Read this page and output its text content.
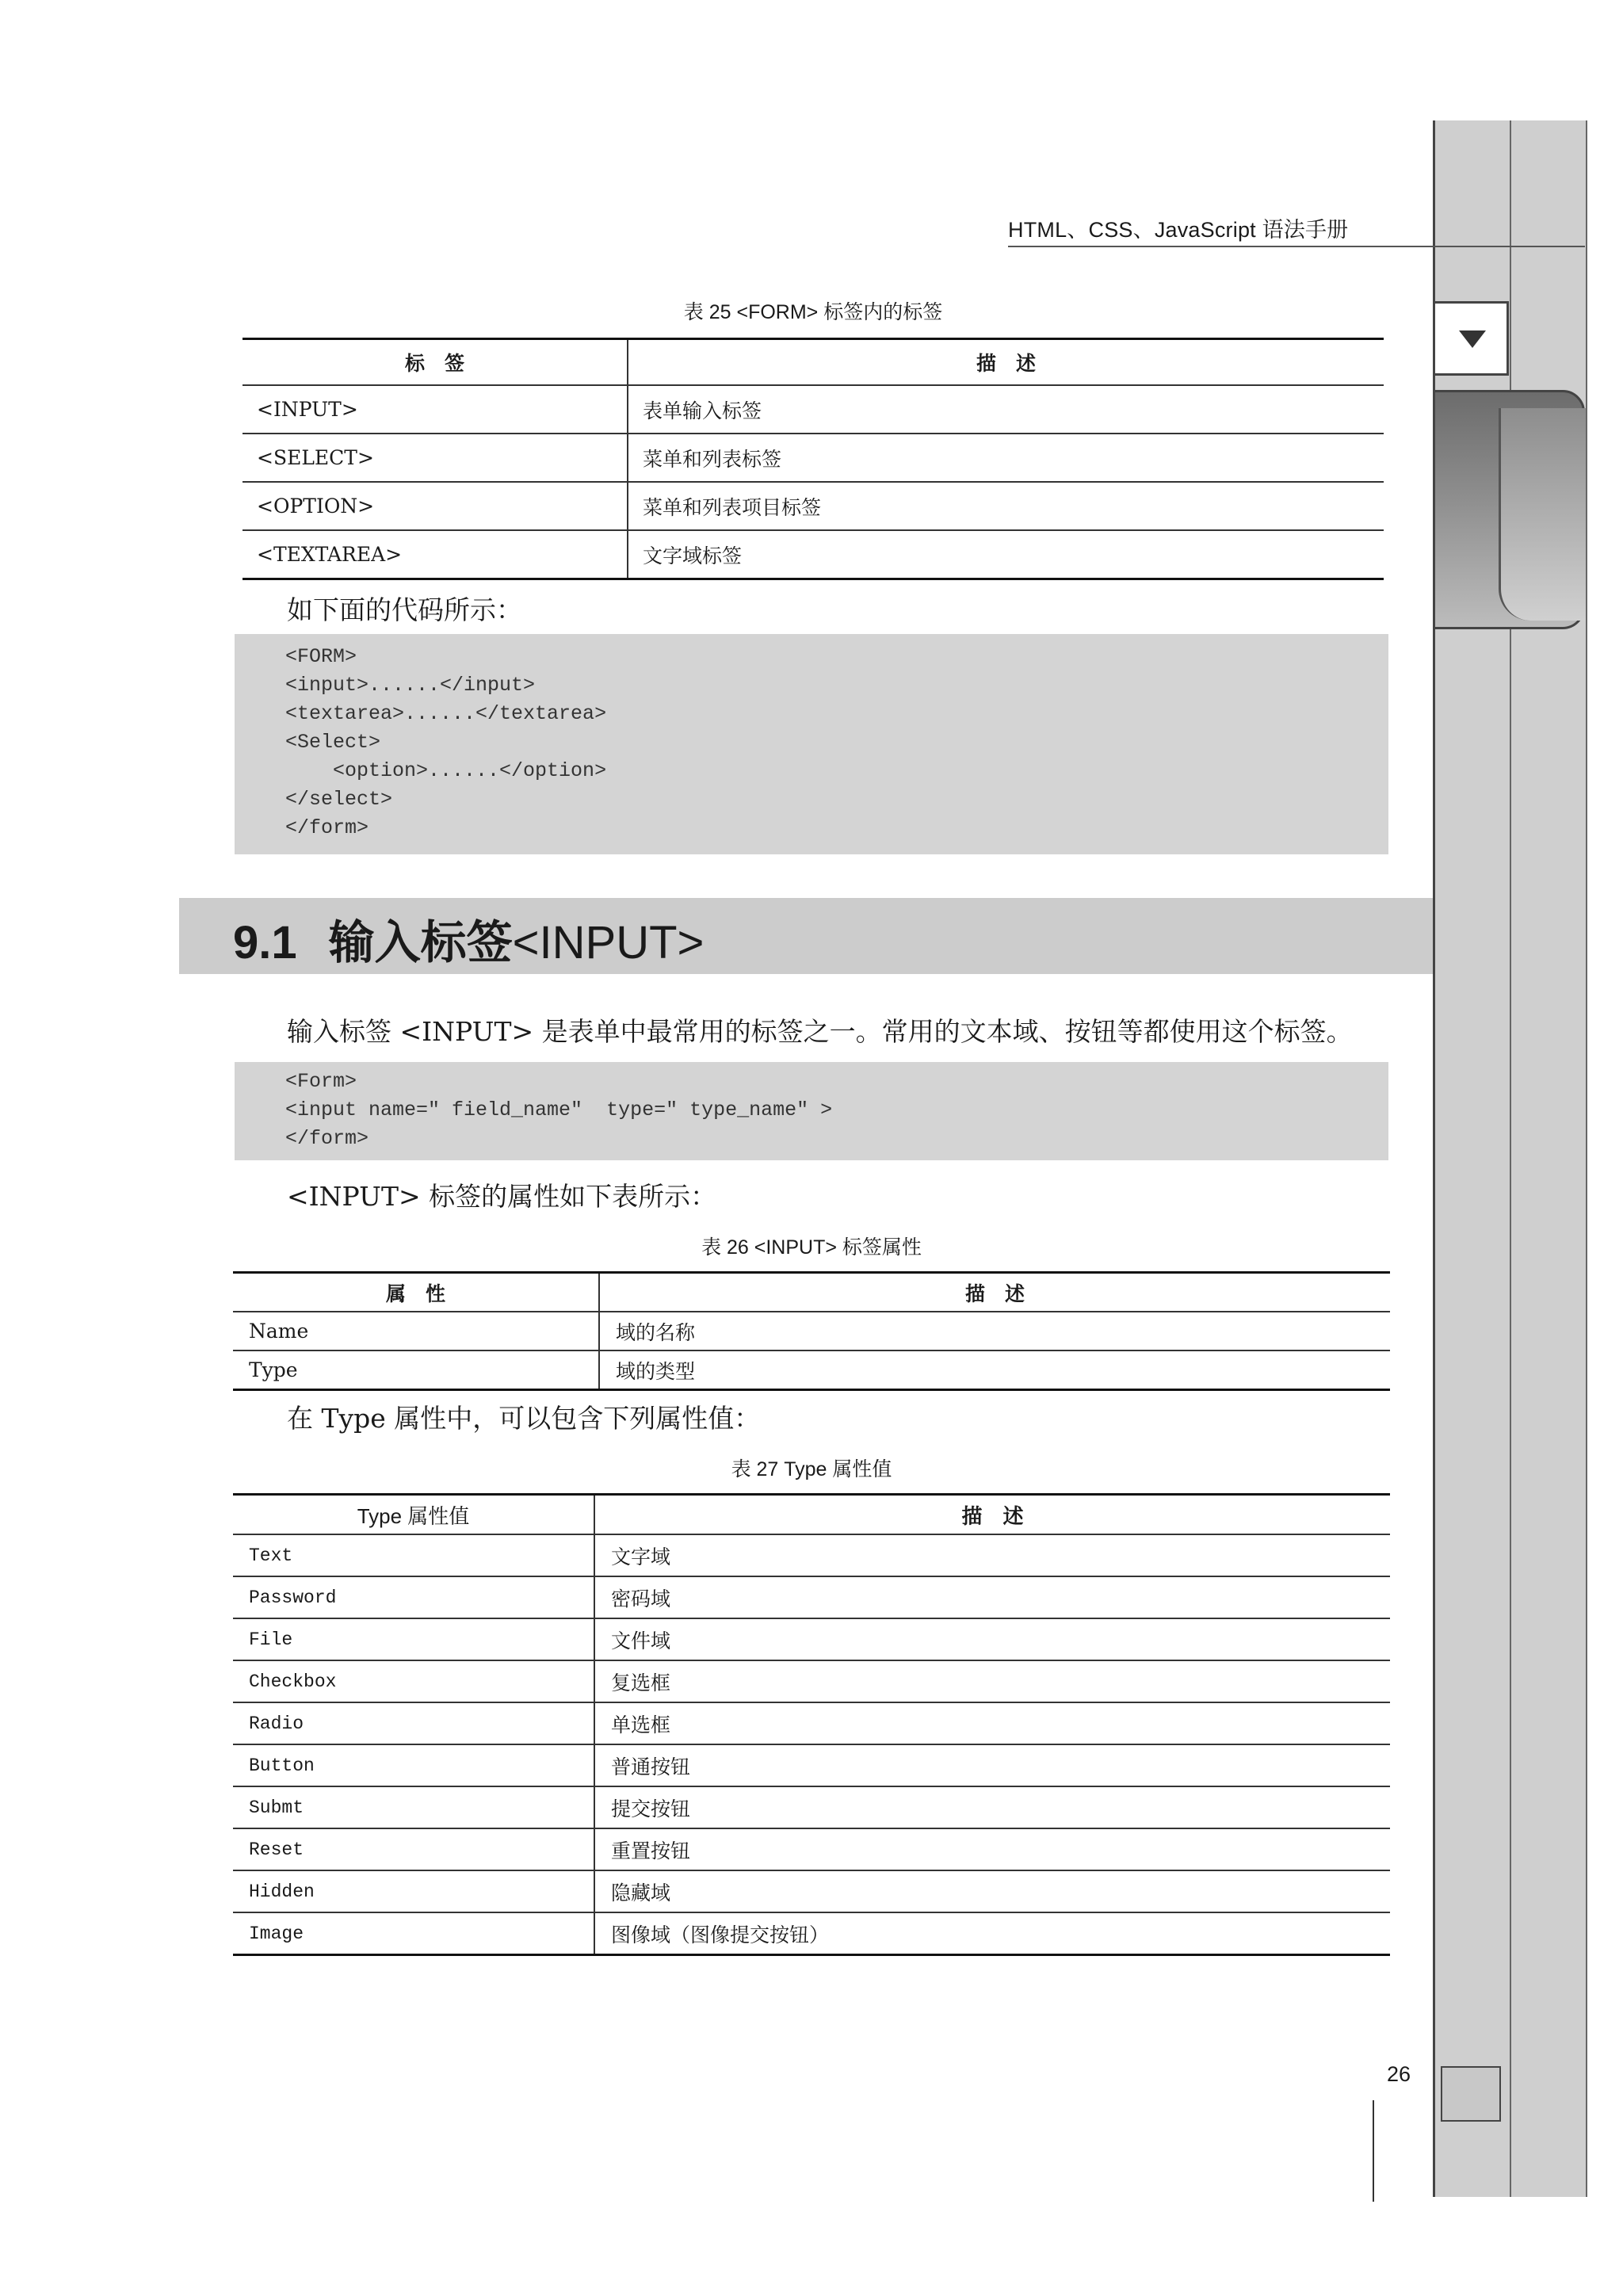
HTML、CSS、JavaScript 语法手册
表 25 <FORM> 标签内的标签
标　签	描　述
<INPUT>	表单输入标签
<SELECT>	菜单和列表标签
<OPTION>	菜单和列表项目标签
<TEXTAREA>	文字域标签
如下面的代码所示：
<FORM>
<input>......</input>
<textarea>......</textarea>
<Select>
<option>......</option>
</select>
</form>
9.1 输入标签<INPUT>
输入标签 <INPUT> 是表单中最常用的标签之一。常用的文本域、按钮等都使用这个标签。
<Form>
<input name=" field_name"  type=" type_name" >
</form>
<INPUT> 标签的属性如下表所示：
表 26 <INPUT> 标签属性
属　性	描　述
Name	域的名称
Type	域的类型
在 Type 属性中，可以包含下列属性值：
表 27 Type 属性值
Type 属性值	描　述
Text	文字域
Password	密码域
File	文件域
Checkbox	复选框
Radio	单选框
Button	普通按钮
Submt	提交按钮
Reset	重置按钮
Hidden	隐藏域
Image	图像域（图像提交按钮）
26
